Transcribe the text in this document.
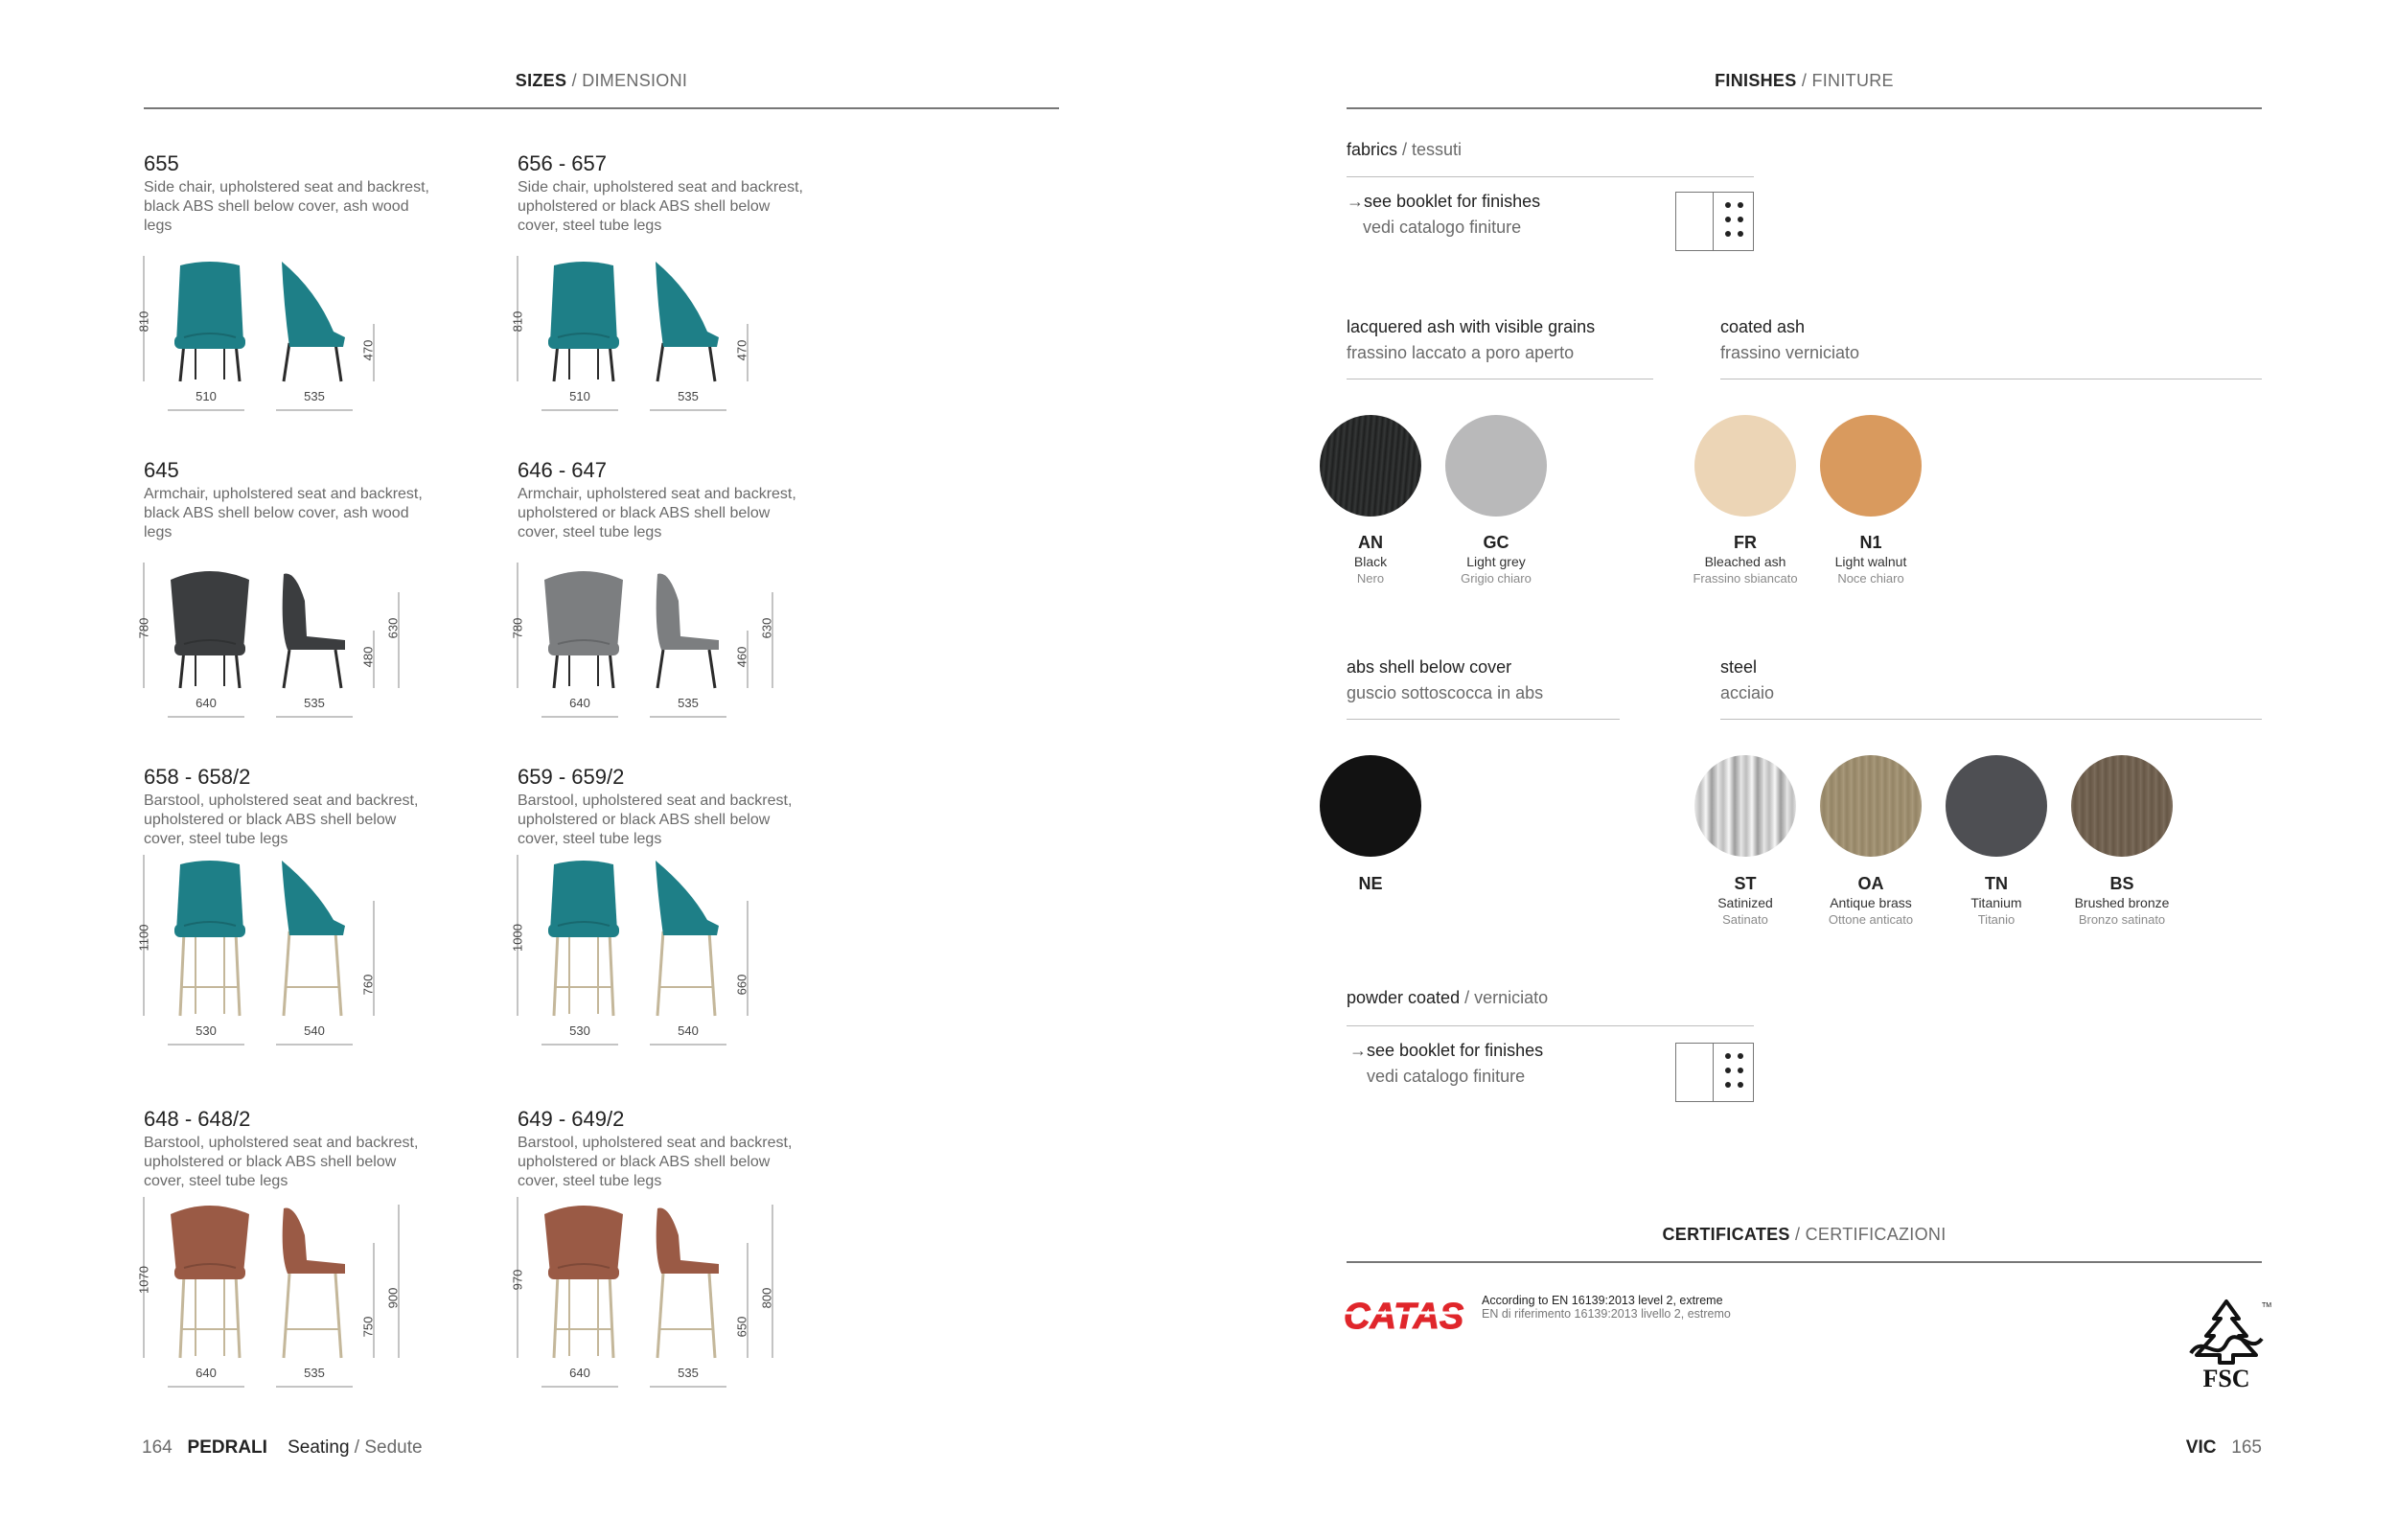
SIZES / DIMENSIONI
655
Side chair, upholstered seat and backrest, black ABS shell below cover, ash wood legs
810
470
510	535
656 - 657
Side chair, upholstered seat and backrest, upholstered or black ABS shell below cover, steel tube legs
810
470
510	535
645
Armchair, upholstered seat and backrest, black ABS shell below cover, ash wood legs
780
480
630
640	535
646 - 647
Armchair, upholstered seat and backrest, upholstered or black ABS shell below cover, steel tube legs
780
460
630
640	535
658 - 658/2
Barstool, upholstered seat and backrest, upholstered or black ABS shell below cover, steel tube legs
1100
760
530	540
659 - 659/2
Barstool, upholstered seat and backrest, upholstered or black ABS shell below cover, steel tube legs
1000
660
530	540
648 - 648/2
Barstool, upholstered seat and backrest, upholstered or black ABS shell below cover, steel tube legs
1070
750
900
640	535
649 - 649/2
Barstool, upholstered seat and backrest, upholstered or black ABS shell below cover, steel tube legs
970
650
800
640	535
164 PEDRALI Seating / Sedute
FINISHES / FINITURE
fabrics / tessuti
→see booklet for finishes
vedi catalogo finiture
lacquered ash with visible grains
frassino laccato a poro aperto
coated ash
frassino verniciato
abs shell below cover
guscio sottoscocca in abs
steel
acciaio
AN
Black
Nero
GC
Light grey
Grigio chiaro
FR
Bleached ash
Frassino sbiancato
N1
Light walnut
Noce chiaro
NE	ST
Satinized
Satinato
OA
Antique brass
Ottone anticato
TN
Titanium
Titanio
BS
Brushed bronze
Bronzo satinato
powder coated / verniciato
→see booklet for finishes
vedi catalogo finiture
CERTIFICATES / CERTIFICAZIONI
CATAS According to EN 16139:2013 level 2, extreme
EN di riferimento 16139:2013 livello 2, estremo
FSC
TM
VIC 165
